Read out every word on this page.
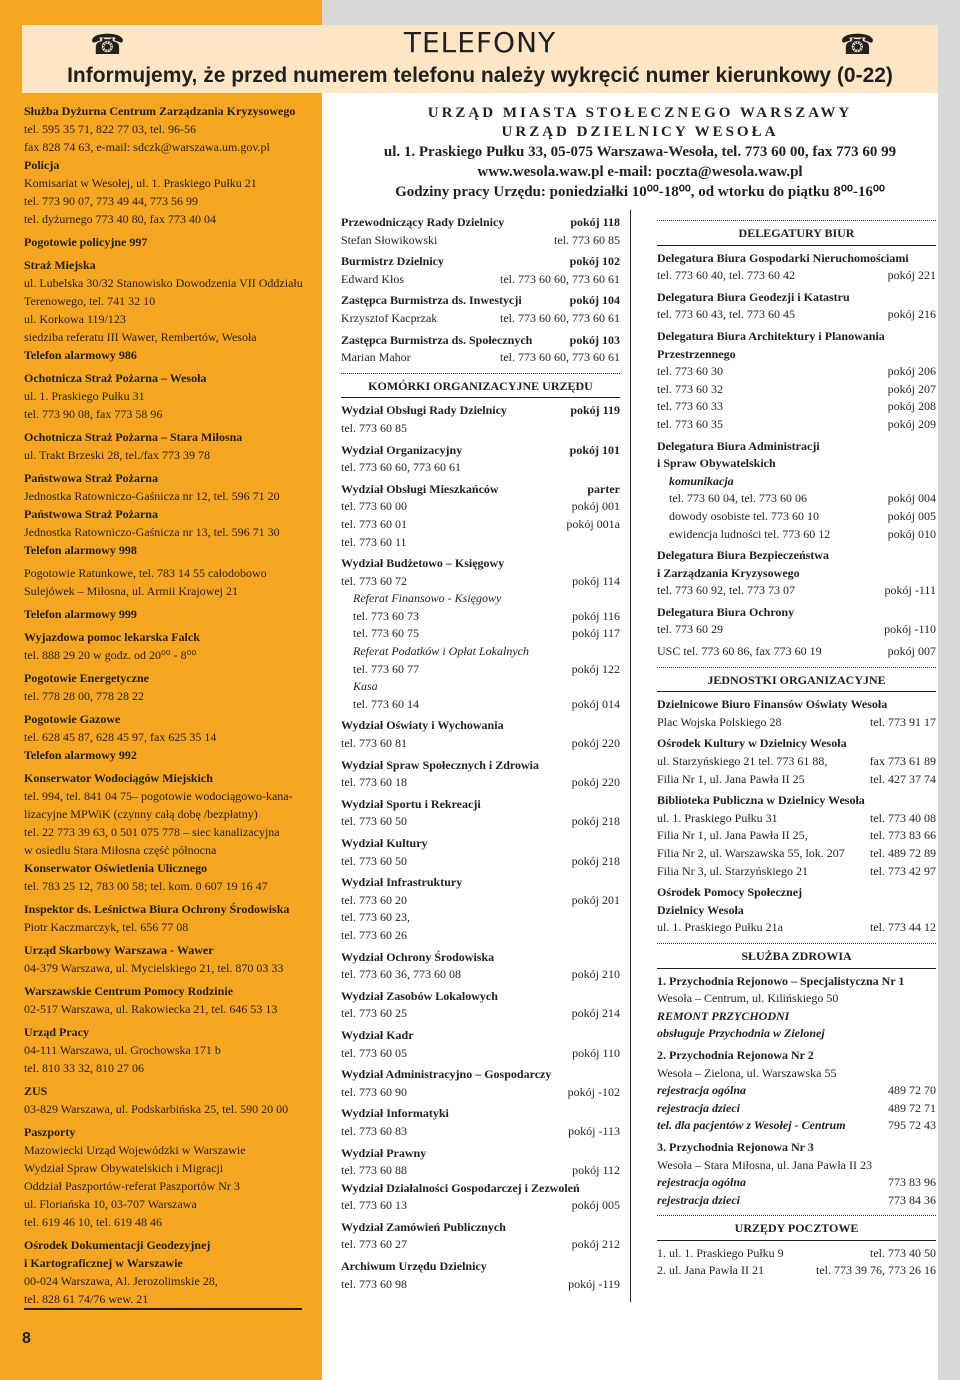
☎	☎
TELEFONY
Informujemy, że przed numerem telefonu należy wykręcić numer kierunkowy (0-22)
Służba Dyżurna Centrum Zarządzania Kryzysowego
tel. 595 35 71, 822 77 03, tel. 96-56
fax 828 74 63, e-mail: sdczk@warszawa.um.gov.pl
Policja
Komisariat w Wesołej, ul. 1. Praskiego Pułku 21
tel. 773 90 07, 773 49 44, 773 56 99
tel. dyżurnego 773 40 80, fax 773 40 04
Pogotowie policyjne 997
Straż Miejska
ul. Lubelska 30/32 Stanowisko Dowodzenia VII Oddziału
Terenowego, tel. 741 32 10
ul. Korkowa 119/123
siedziba referatu III Wawer, Rembertów, Wesoła
Telefon alarmowy 986
Ochotnicza Straż Pożarna – Wesoła
ul. 1. Praskiego Pułku 31
tel. 773 90 08, fax 773 58 96
Ochotnicza Straż Pożarna – Stara Miłosna
ul. Trakt Brzeski 28, tel./fax 773 39 78
Państwowa Straż Pożarna
Jednostka Ratowniczo-Gaśnicza nr 12, tel. 596 71 20
Państwowa Straż Pożarna
Jednostka Ratowniczo-Gaśnicza nr 13, tel. 596 71 30
Telefon alarmowy 998
Pogotowie Ratunkowe, tel. 783 14 55 całodobowo
Sulejówek – Miłosna, ul. Armii Krajowej 21
Telefon alarmowy 999
Wyjazdowa pomoc lekarska Falck
tel. 888 29 20 w godz. od 20⁰⁰ - 8⁰⁰
Pogotowie Energetyczne
tel. 778 28 00, 778 28 22
Pogotowie Gazowe
tel. 628 45 87, 628 45 97, fax 625 35 14
Telefon alarmowy 992
Konserwator Wodociągów Miejskich
tel. 994, tel. 841 04 75– pogotowie wodociągowo-kana-
lizacyjne MPWiK (czynny całą dobę /bezpłatny)
tel. 22 773 39 63, 0 501 075 778 – siec kanalizacyjna
w osiedlu Stara Miłosna część północna
Konserwator Oświetlenia Ulicznego
tel. 783 25 12, 783 00 58; tel. kom. 0 607 19 16 47
Inspektor ds. Leśnictwa Biura Ochrony Środowiska
Piotr Kaczmarczyk, tel. 656 77 08
Urząd Skarbowy Warszawa - Wawer
04-379 Warszawa, ul. Mycielskiego 21, tel. 870 03 33
Warszawskie Centrum Pomocy Rodzinie
02-517 Warszawa, ul. Rakowiecka 21, tel. 646 53 13
Urząd Pracy
04-111 Warszawa, ul. Grochowska 171 b
tel. 810 33 32, 810 27 06
ZUS
03-829 Warszawa, ul. Podskarbińska 25, tel. 590 20 00
Paszporty
Mazowiecki Urząd Wojewódzki w Warszawie
Wydział Spraw Obywatelskich i Migracji
Oddział Paszportów-referat Paszportów Nr 3
ul. Floriańska 10, 03-707 Warszawa
tel. 619 46 10, tel. 619 48 46
Ośrodek Dokumentacji Geodezyjnej
i Kartograficznej w Warszawie
00-024 Warszawa, Al. Jerozolimskie 28,
tel. 828 61 74/76 wew. 21
8
URZĄD MIASTA STOŁECZNEGO WARSZAWY
URZĄD DZIELNICY WESOŁA
ul. 1. Praskiego Pułku 33, 05-075 Warszawa-Wesoła, tel. 773 60 00, fax 773 60 99
www.wesola.waw.pl e-mail: poczta@wesola.waw.pl
Godziny pracy Urzędu: poniedziałki 10⁰⁰-18⁰⁰, od wtorku do piątku 8⁰⁰-16⁰⁰
Przewodniczący Rady Dzielnicy	pokój 118
Stefan Słowikowski	tel. 773 60 85
Burmistrz Dzielnicy	pokój 102
Edward Kłos	tel. 773 60 60, 773 60 61
Zastępca Burmistrza ds. Inwestycji	pokój 104
Krzysztof Kacprzak	tel. 773 60 60, 773 60 61
Zastępca Burmistrza ds. Społecznych	pokój 103
Marian Mahor	tel. 773 60 60, 773 60 61
KOMÓRKI ORGANIZACYJNE URZĘDU
Wydział Obsługi Rady Dzielnicy	pokój 119
tel. 773 60 85
Wydział Organizacyjny	pokój 101
tel. 773 60 60, 773 60 61
Wydział Obsługi Mieszkańców	parter
tel. 773 60 00	pokój 001
tel. 773 60 01	pokój 001a
tel. 773 60 11
Wydział Budżetowo – Księgowy
tel. 773 60 72	pokój 114
Referat Finansowo - Księgowy
tel. 773 60 73	pokój 116
tel. 773 60 75	pokój 117
Referat Podatków i Opłat Lokalnych
tel. 773 60 77	pokój 122
Kasa
tel. 773 60 14	pokój 014
Wydział Oświaty i Wychowania
tel. 773 60 81	pokój 220
Wydział Spraw Społecznych i Zdrowia
tel. 773 60 18	pokój 220
Wydział Sportu i Rekreacji
tel. 773 60 50	pokój 218
Wydział Kultury
tel. 773 60 50	pokój 218
Wydział Infrastruktury
tel. 773 60 20	pokój 201
tel. 773 60 23,
tel. 773 60 26
Wydział Ochrony Środowiska
tel. 773 60 36, 773 60 08	pokój 210
Wydział Zasobów Lokalowych
tel. 773 60 25	pokój 214
Wydział Kadr
tel. 773 60 05	pokój 110
Wydział Administracyjno – Gospodarczy
tel. 773 60 90	pokój -102
Wydział Informatyki
tel. 773 60 83	pokój -113
Wydział Prawny
tel. 773 60 88	pokój 112
Wydział Działalności Gospodarczej i Zezwoleń
tel. 773 60 13	pokój 005
Wydział Zamówień Publicznych
tel. 773 60 27	pokój 212
Archiwum Urzędu Dzielnicy
tel. 773 60 98	pokój -119
DELEGATURY BIUR
Delegatura Biura Gospodarki Nieruchomościami
tel. 773 60 40, tel. 773 60 42	pokój 221
Delegatura Biura Geodezji i Katastru
tel. 773 60 43, tel. 773 60 45	pokój 216
Delegatura Biura Architektury i Planowania
Przestrzennego
tel. 773 60 30	pokój 206
tel. 773 60 32	pokój 207
tel. 773 60 33	pokój 208
tel. 773 60 35	pokój 209
Delegatura Biura Administracji
i Spraw Obywatelskich
komunikacja
tel. 773 60 04, tel. 773 60 06	pokój 004
dowody osobiste tel. 773 60 10	pokój 005
ewidencja ludności tel. 773 60 12	pokój 010
Delegatura Biura Bezpieczeństwa
i Zarządzania Kryzysowego
tel. 773 60 92, tel. 773 73 07	pokój -111
Delegatura Biura Ochrony
tel. 773 60 29	pokój -110
USC tel. 773 60 86, fax 773 60 19	pokój 007
JEDNOSTKI ORGANIZACYJNE
Dzielnicowe Biuro Finansów Oświaty Wesoła
Plac Wojska Polskiego 28	tel. 773 91 17
Ośrodek Kultury w Dzielnicy Wesoła
ul. Starzyńskiego 21 tel. 773 61 88,	fax 773 61 89
Filia Nr 1, ul. Jana Pawła II 25	tel. 427 37 74
Biblioteka Publiczna w Dzielnicy Wesoła
ul. 1. Praskiego Pułku 31	tel. 773 40 08
Filia Nr 1, ul. Jana Pawła II 25,	tel. 773 83 66
Filia Nr 2, ul. Warszawska 55, lok. 207 tel. 489 72 89
Filia Nr 3, ul. Starzyńskiego 21	tel. 773 42 97
Ośrodek Pomocy Społecznej
Dzielnicy Wesoła
ul. 1. Praskiego Pułku 21a	tel. 773 44 12
SŁUŻBA ZDROWIA
1. Przychodnia Rejonowo – Specjalistyczna Nr 1
Wesoła – Centrum, ul. Kilińskiego 50
REMONT PRZYCHODNI
obsługuje Przychodnia w Zielonej
2. Przychodnia Rejonowa Nr 2
Wesoła – Zielona, ul. Warszawska 55
rejestracja ogólna	489 72 70
rejestracja dzieci	489 72 71
tel. dla pacjentów z Wesołej - Centrum	795 72 43
3. Przychodnia Rejonowa Nr 3
Wesoła – Stara Miłosna, ul. Jana Pawła II 23
rejestracja ogólna	773 83 96
rejestracja dzieci	773 84 36
URZĘDY POCZTOWE
1. ul. 1. Praskiego Pułku 9	tel. 773 40 50
2. ul. Jana Pawła II 21	tel. 773 39 76, 773 26 16
